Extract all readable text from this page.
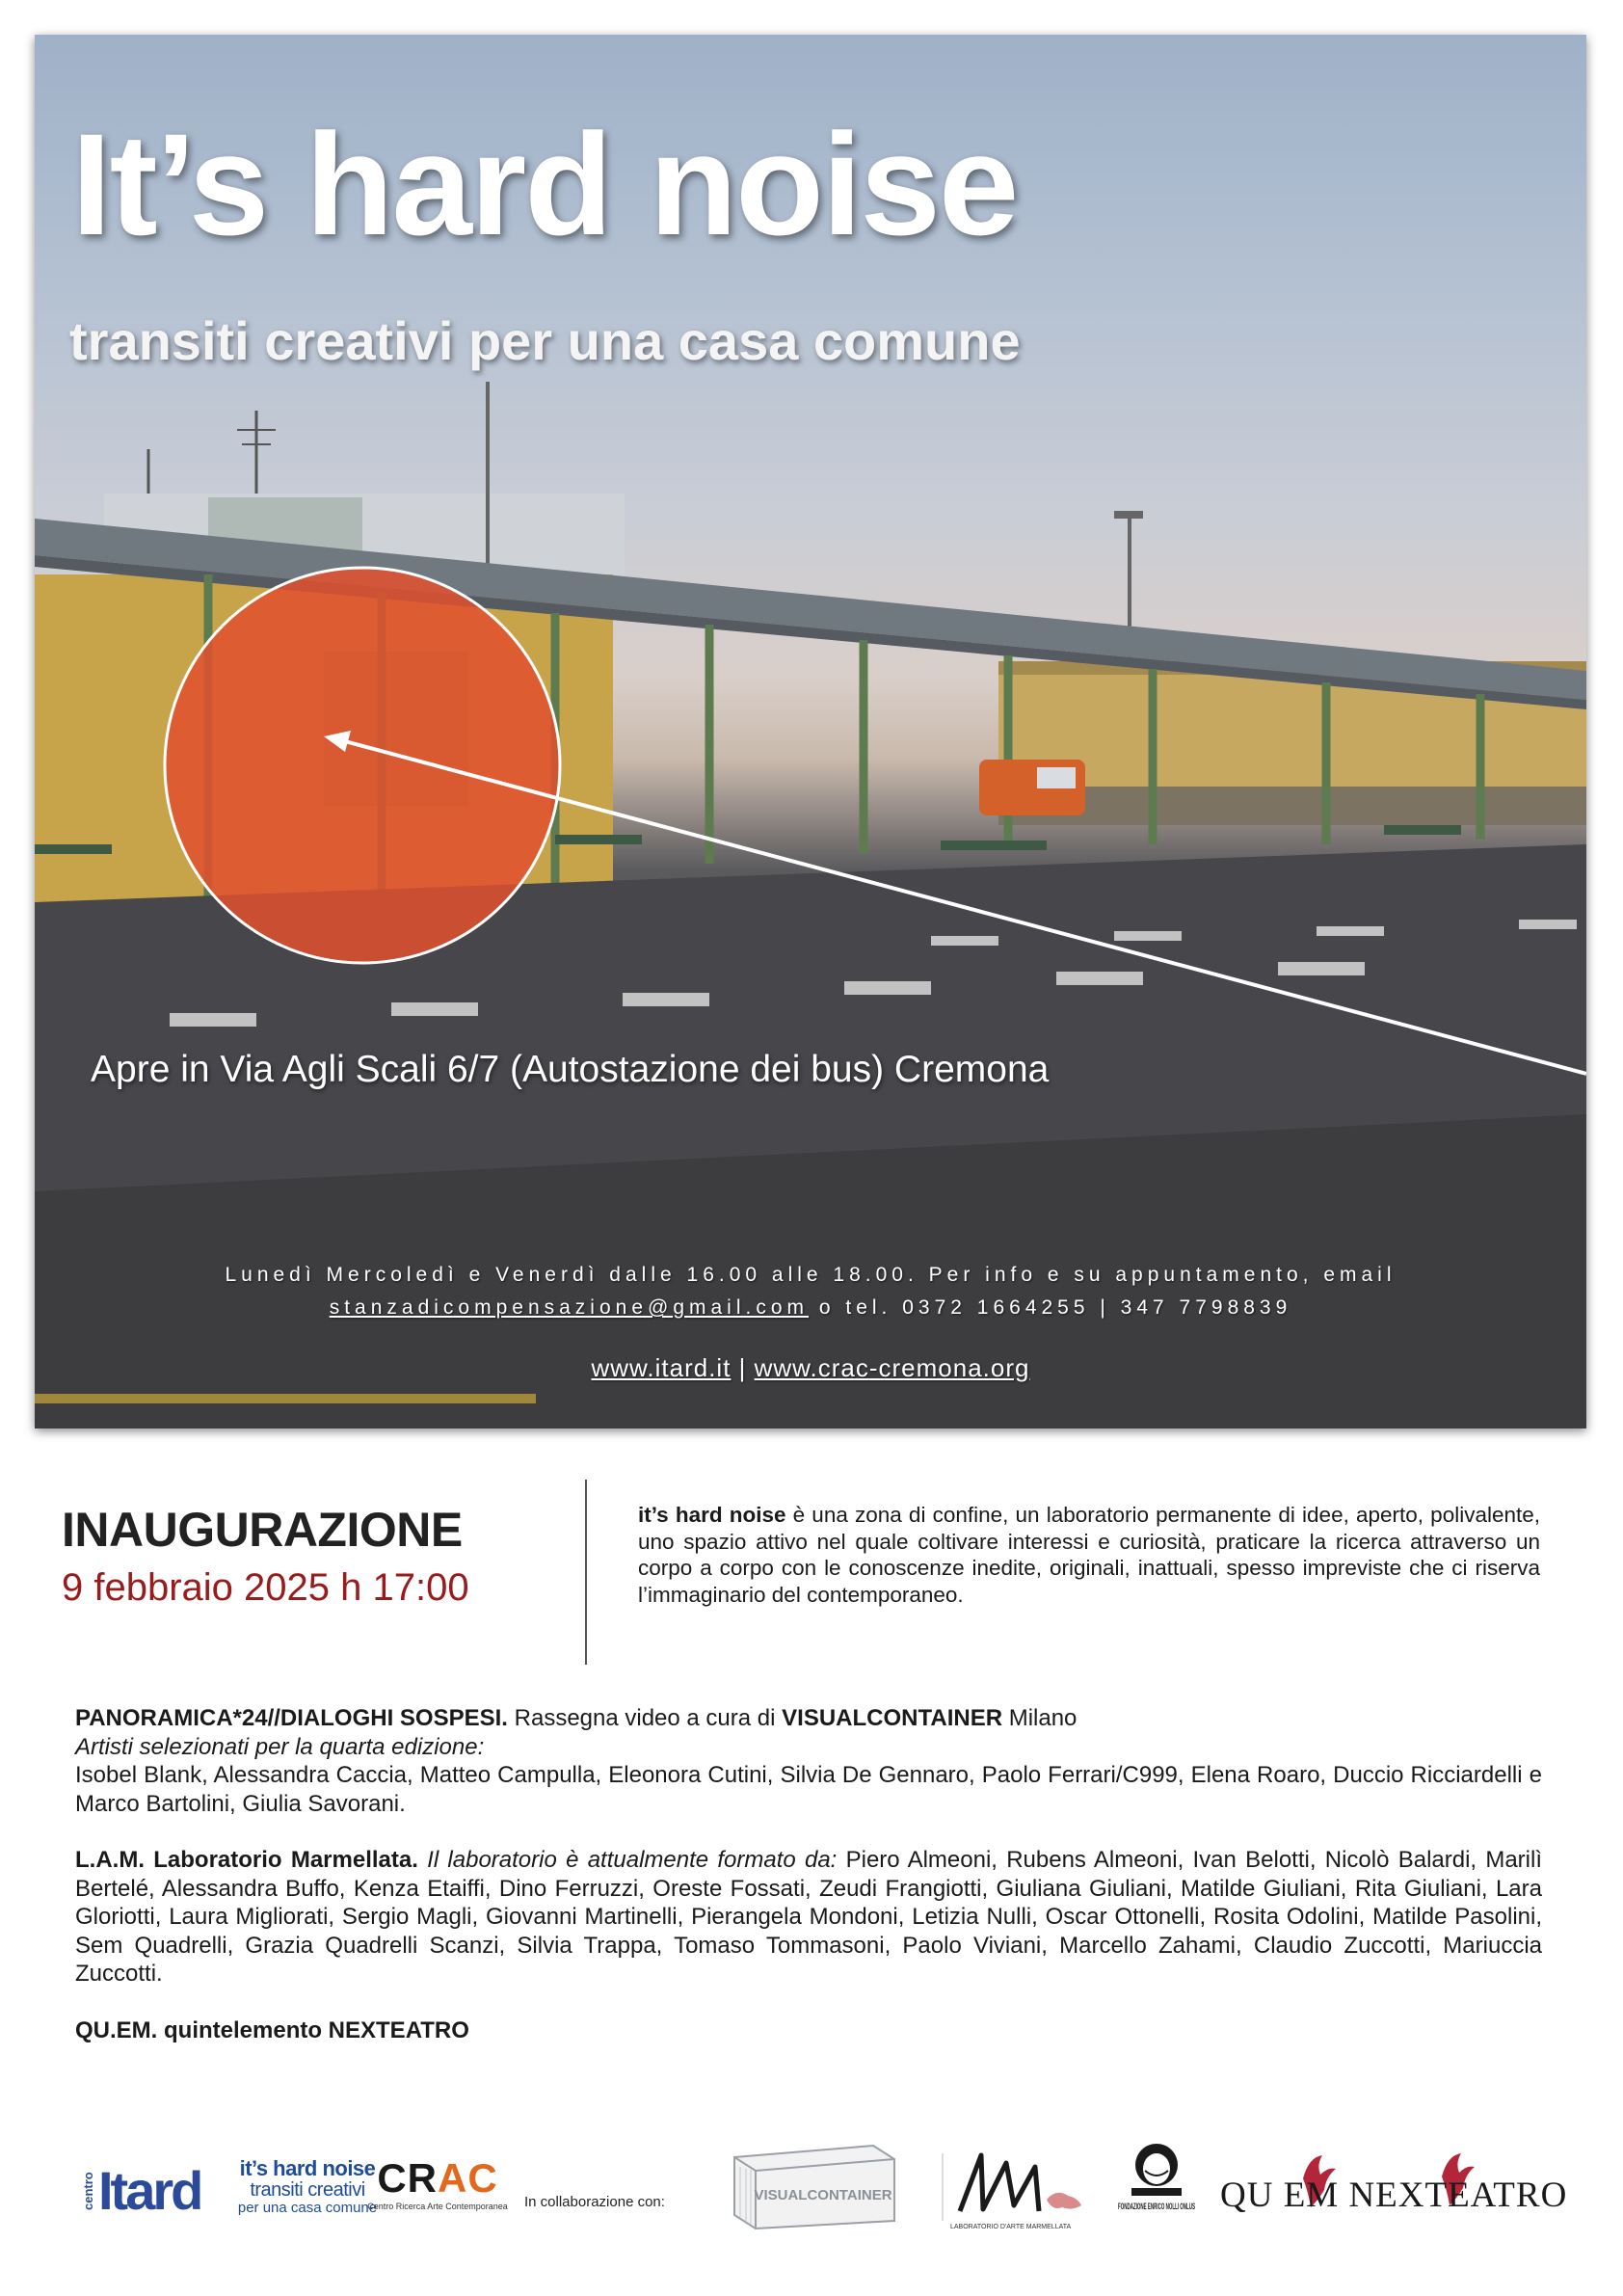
It’s hard noise
transiti creativi per una casa comune
Apre in Via Agli Scali 6/7 (Autostazione dei bus) Cremona
Lunedì Mercoledì e Venerdì dalle 16.00 alle 18.00. Per info e su appuntamento, email
stanzadicompensazione@gmail.com o tel. 0372 1664255 | 347 7798839
www.itard.it | www.crac-cremona.org
INAUGURAZIONE
9 febbraio 2025 h 17:00
it’s hard noise è una zona di confine, un laboratorio permanente di idee, aperto, polivalente, uno spazio attivo nel quale coltivare interessi e curiosità, praticare la ricerca attraverso un corpo a corpo con le conoscenze inedite, originali, inattuali, spesso impreviste che ci riserva l’immaginario del contemporaneo.

PANORAMICA*24//DIALOGHI SOSPESI. Rassegna video a cura di VISUALCONTAINER Milano

Artisti selezionati per la quarta edizione:

Isobel Blank, Alessandra Caccia, Matteo Campulla, Eleonora Cutini, Silvia De Gennaro, Paolo Ferrari/C999, Elena Roaro, Duccio Ricciardelli e Marco Bartolini, Giulia Savorani.

L.A.M. Laboratorio Marmellata. Il laboratorio è attualmente formato da: Piero Almeoni, Rubens Almeoni, Ivan Belotti, Nicolò Balardi, Marilì Bertelé, Alessandra Buffo, Kenza Etaiffi, Dino Ferruzzi, Oreste Fossati, Zeudi Frangiotti, Giuliana Giuliani, Matilde Giuliani, Rita Giuliani, Lara Gloriotti, Laura Migliorati, Sergio Magli, Giovanni Martinelli, Pierangela Mondoni, Letizia Nulli, Oscar Ottonelli, Rosita Odolini, Matilde Pasolini, Sem Quadrelli, Grazia Quadrelli Scanzi, Silvia Trappa, Tomaso Tommasoni, Paolo Viviani, Marcello Zahami, Claudio Zuccotti, Mariuccia Zuccotti.

QU.EM. quintelemento NEXTEATRO

centro Itard	it’s hard noise
transiti creativi
per una casa comune
CRAC
Centro Ricerca Arte Contemporanea	In collaborazione con:	VISUALCONTAINER
LABORATORIO D'ARTE MARMELLATA
FONDAZIONE ENRICO NOLLI ONLUS QU EM NEXTEATRO
